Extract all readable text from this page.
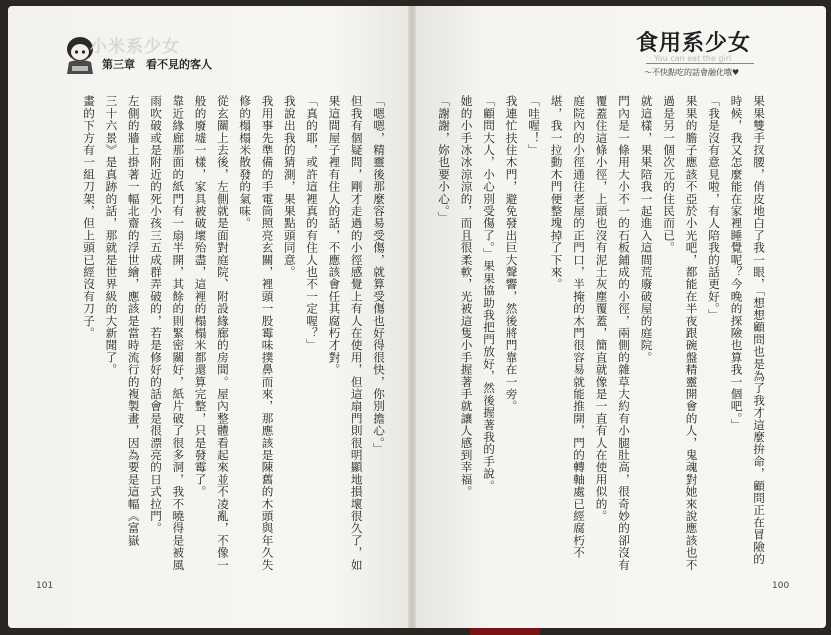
小米系少女
第三章　看不見的客人
食用系少女
You can eat the girl
～不快點吃的話會融化哦♥
「嗯嗯，精靈後那麼容易受傷，就算受傷也好得很快，你別擔心。」
但我有個疑問，剛才走過的小徑感覺上有人在使用，但這扇門則很明顯地損壞很久了，如
果這間屋子裡有住人的話，不應該會任其腐朽才對。
「真的耶，或許這裡真的有住人也不一定喔？」
我說出我的猜測，果果點頭同意。
我用事先準備的手電筒照亮玄關，裡頭一股霉味撲鼻而來，那應該是陳舊的木頭與年久失
修的榻榻米散發的氣味。
從玄關上去後，左側就是面對庭院、附設緣廊的房間。屋內整體看起來並不凌亂，不像一
般的廢墟一樣，家具被破壞殆盡，這裡的榻榻米都還算完整，只是發霉了。
靠近緣廊那面的紙門有一扇半開，其餘的則緊密關好，紙片破了很多洞，我不曉得是被風
雨吹破或是附近的死小孩三五成群弄破的，若是修好的話會是很漂亮的日式拉門。
左側的牆上掛著一幅北齋的浮世繪，應該是當時流行的複製畫，因為要是這幅《富嶽
三十六景》是真跡的話，那就是世界級的大新聞了。
畫的下方有一組刀架，但上頭已經沒有刀子。	果果雙手扠腰，俏皮地白了我一眼，「想想顧問也是為了我才這麼拚命，顧問正在冒險的
時候，我又怎麼能在家裡睡覺呢？今晚的探險也算我一個吧。」
「我是沒有意見啦，有人陪我的話更好。」
果果的膽子應該不亞於小光吧，都能在半夜跟碗盤精靈開會的人，鬼魂對她來說應該也不
過是另一個次元的住民而已。
就這樣，果果陪我一起進入這間荒廢破屋的庭院。
門內是一條用大小不一的石板鋪成的小徑，兩側的雜草大約有小腿肚高，很奇妙的卻沒有
覆蓋住這條小徑，上頭也沒有泥土灰塵覆蓋，簡直就像是一直有人在使用似的。
庭院內的小徑通往老屋的正門口，半掩的木門很容易就能推開，門的轉軸處已經腐朽不
堪，我一拉動木門便整塊掉了下來。
「哇喔！」
我連忙扶住木門，避免發出巨大聲響，然後將門靠在一旁。
「顧問大人，小心別受傷了。」果果協助我把門放好，然後握著我的手說。
她的小手冰冰涼涼的，而且很柔軟，光被這隻小手握著手就讓人感到幸福。
「謝謝，妳也要小心。」
101	100
